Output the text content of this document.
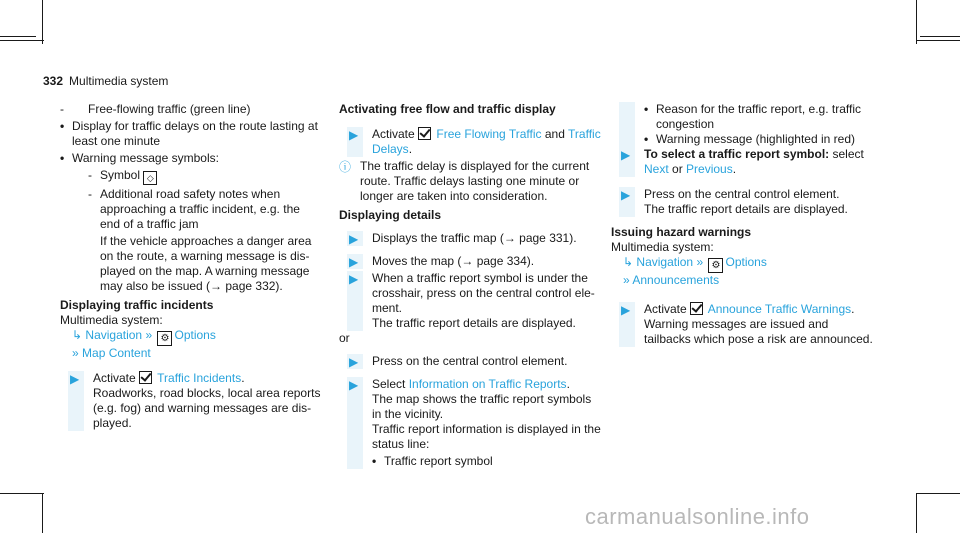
332 Multimedia system
- Free-flowing traffic (green line)
• Display for traffic delays on the route lasting at least one minute
• Warning message symbols:
- Symbol ◇
- Additional road safety notes when approaching a traffic incident, e.g. the end of a traffic jam
If the vehicle approaches a danger area on the route, a warning message is dis-played on the map. A warning message may also be issued (→ page 332).

Displaying traffic incidents

Multimedia system:

↳ Navigation » ⚙ Options

» Map Content

▶ Activate Traffic Incidents.
Roadworks, road blocks, local area reports (e.g. fog) and warning messages are dis-played.

Activating free flow and traffic display

▶ Activate Free Flowing Traffic and Traffic Delays.
ⓘ The traffic delay is displayed for the current route. Traffic delays lasting one minute or longer are taken into consideration.

Displaying details

▶ Displays the traffic map (→ page 331).
▶ Moves the map (→ page 334).
▶ When a traffic report symbol is under the crosshair, press on the central control ele-ment.
The traffic report details are displayed.

or

▶ Press on the central control element.
▶ Select Information on Traffic Reports.
The map shows the traffic report symbols in the vicinity.
Traffic report information is displayed in the status line:
• Traffic report symbol
• Reason for the traffic report, e.g. traffic congestion
• Warning message (highlighted in red)
▶ To select a traffic report symbol: select Next or Previous.
▶ Press on the central control element.
The traffic report details are displayed.

Issuing hazard warnings

Multimedia system:

↳ Navigation » ⚙ Options

» Announcements

▶ Activate Announce Traffic Warnings.
Warning messages are issued and tailbacks which pose a risk are announced.
carmanualsonline.info
